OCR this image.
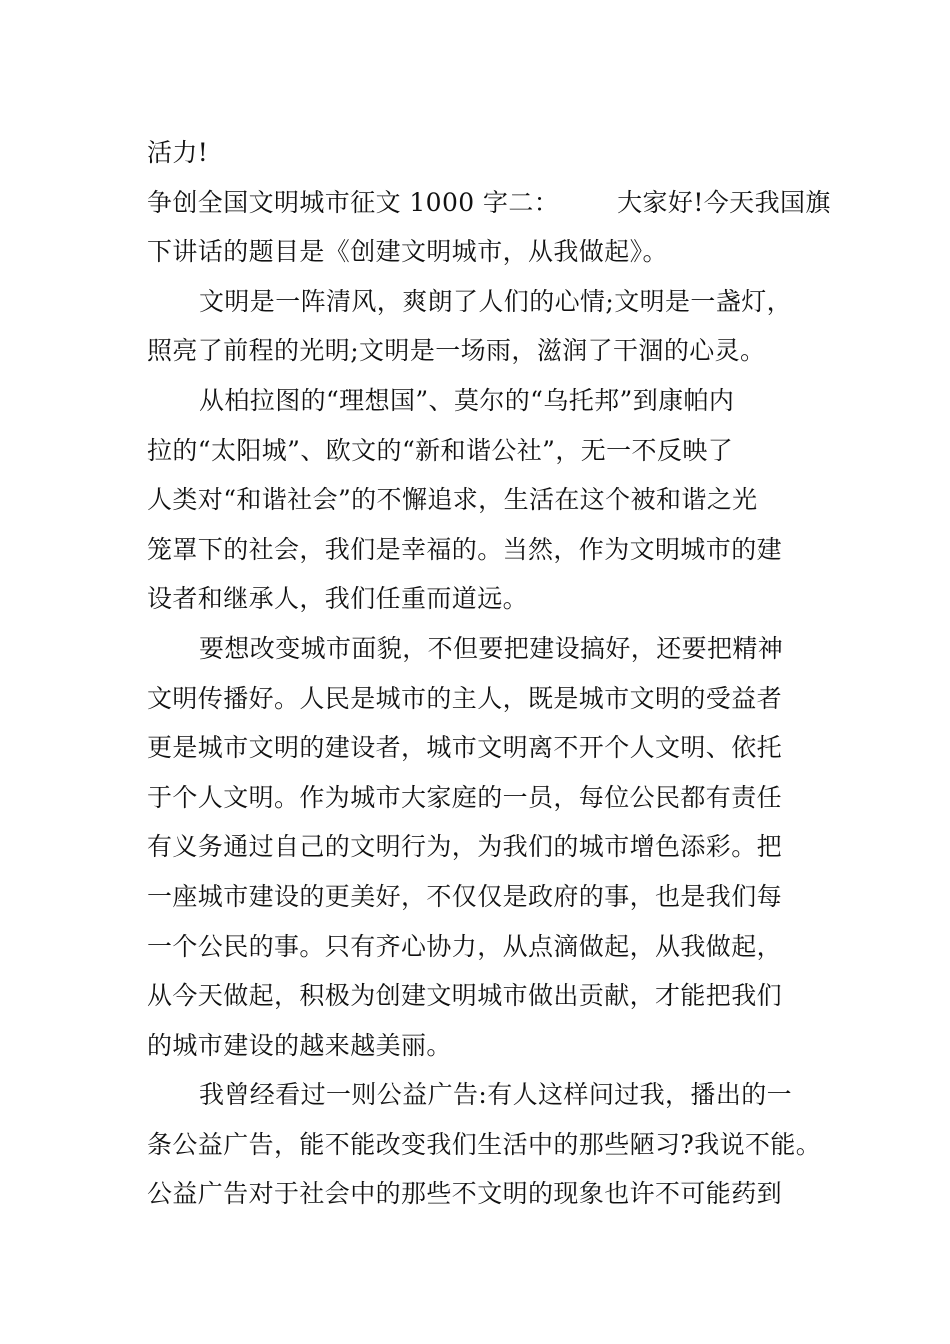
活力!
争创全国文明城市征文 1000 字二： 大家好!今天我国旗
下讲话的题目是《创建文明城市，从我做起》。
文明是一阵清风，爽朗了人们的心情;文明是一盏灯，
照亮了前程的光明;文明是一场雨，滋润了干涸的心灵。
从柏拉图的“理想国”、莫尔的“乌托邦”到康帕内
拉的“太阳城”、欧文的“新和谐公社”，无一不反映了
人类对“和谐社会”的不懈追求，生活在这个被和谐之光
笼罩下的社会，我们是幸福的。当然，作为文明城市的建
设者和继承人，我们任重而道远。
要想改变城市面貌，不但要把建设搞好，还要把精神
文明传播好。人民是城市的主人，既是城市文明的受益者
更是城市文明的建设者，城市文明离不开个人文明、依托
于个人文明。作为城市大家庭的一员，每位公民都有责任
有义务通过自己的文明行为，为我们的城市增色添彩。把
一座城市建设的更美好，不仅仅是政府的事，也是我们每
一个公民的事。只有齐心协力，从点滴做起，从我做起，
从今天做起，积极为创建文明城市做出贡献，才能把我们
的城市建设的越来越美丽。
我曾经看过一则公益广告:有人这样问过我，播出的一
条公益广告，能不能改变我们生活中的那些陋习?我说不能。
公益广告对于社会中的那些不文明的现象也许不可能药到
